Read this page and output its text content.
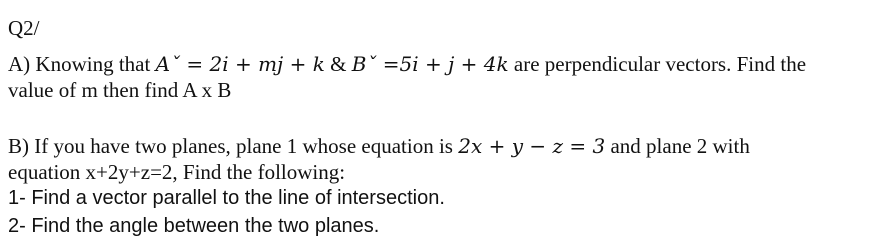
Q2/
A) Knowing that Aˇ = 2i + mj + k & Bˇ =5i + j + 4k are perpendicular vectors. Find the
value of m then find A x B
B) If you have two planes, plane 1 whose equation is 2x + y − z = 3 and plane 2 with
equation x+2y+z=2, Find the following:
1- Find a vector parallel to the line of intersection.
2- Find the angle between the two planes.
